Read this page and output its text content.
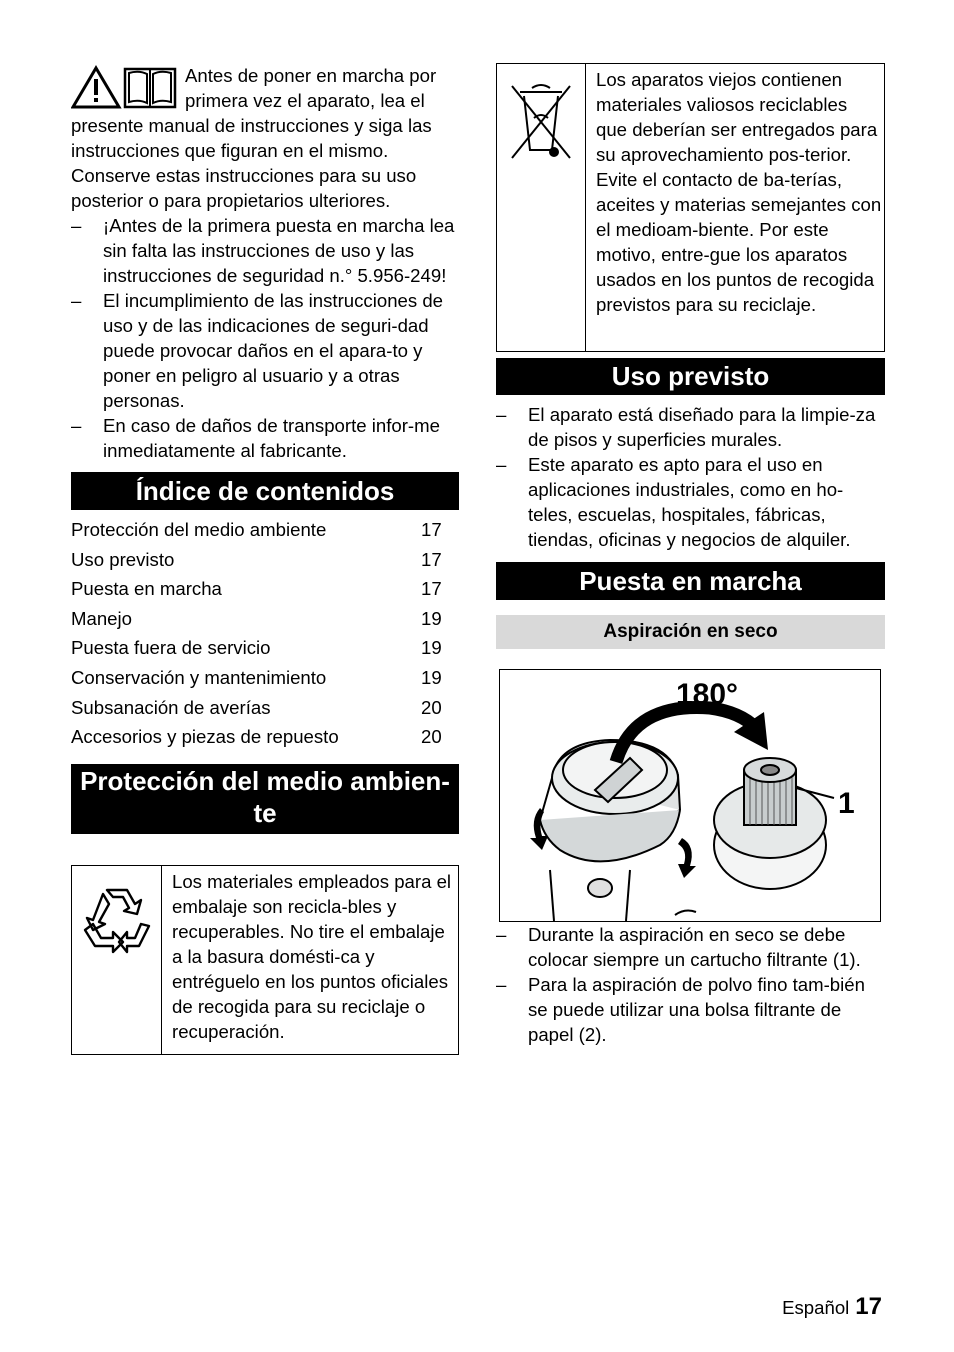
Antes de poner en marcha por primera vez el aparato, lea el presente manual de instrucciones y siga las instrucciones que figuran en el mismo. Conserve estas instrucciones para su uso posterior o para propietarios ulteriores.

– ¡Antes de la primera puesta en marcha lea sin falta las instrucciones de uso y las instrucciones de seguridad n.° 5.956-249!
– El incumplimiento de las instrucciones de uso y de las indicaciones de seguri-dad puede provocar daños en el apara-to y poner en peligro al usuario y a otras personas.
– En caso de daños de transporte infor-me inmediatamente al fabricante.
Índice de contenidos
Protección del medio ambiente	17
Uso previsto	17
Puesta en marcha	17
Manejo	19
Puesta fuera de servicio	19
Conservación y mantenimiento	19
Subsanación de averías	20
Accesorios y piezas de repuesto	20
Protección del medio ambien-
te
Los materiales empleados para el embalaje son recicla-bles y recuperables. No tire el embalaje a la basura domésti-ca y entréguelo en los puntos oficiales de recogida para su reciclaje o recuperación.
Los aparatos viejos contienen materiales valiosos reciclables que deberían ser entregados para su aprovechamiento pos-terior. Evite el contacto de ba-terías, aceites y materias semejantes con el medioam-biente. Por este motivo, entre-gue los aparatos usados en los puntos de recogida previstos para su reciclaje.
Uso previsto
– El aparato está diseñado para la limpie-za de pisos y superficies murales.
– Este aparato es apto para el uso en aplicaciones industriales, como en ho-teles, escuelas, hospitales, fábricas, tiendas, oficinas y negocios de alquiler.
Puesta en marcha
Aspiración en seco
180°
1
– Durante la aspiración en seco se debe colocar siempre un cartucho filtrante (1).
– Para la aspiración de polvo fino tam-bién se puede utilizar una bolsa filtrante de papel (2).
Español 17
